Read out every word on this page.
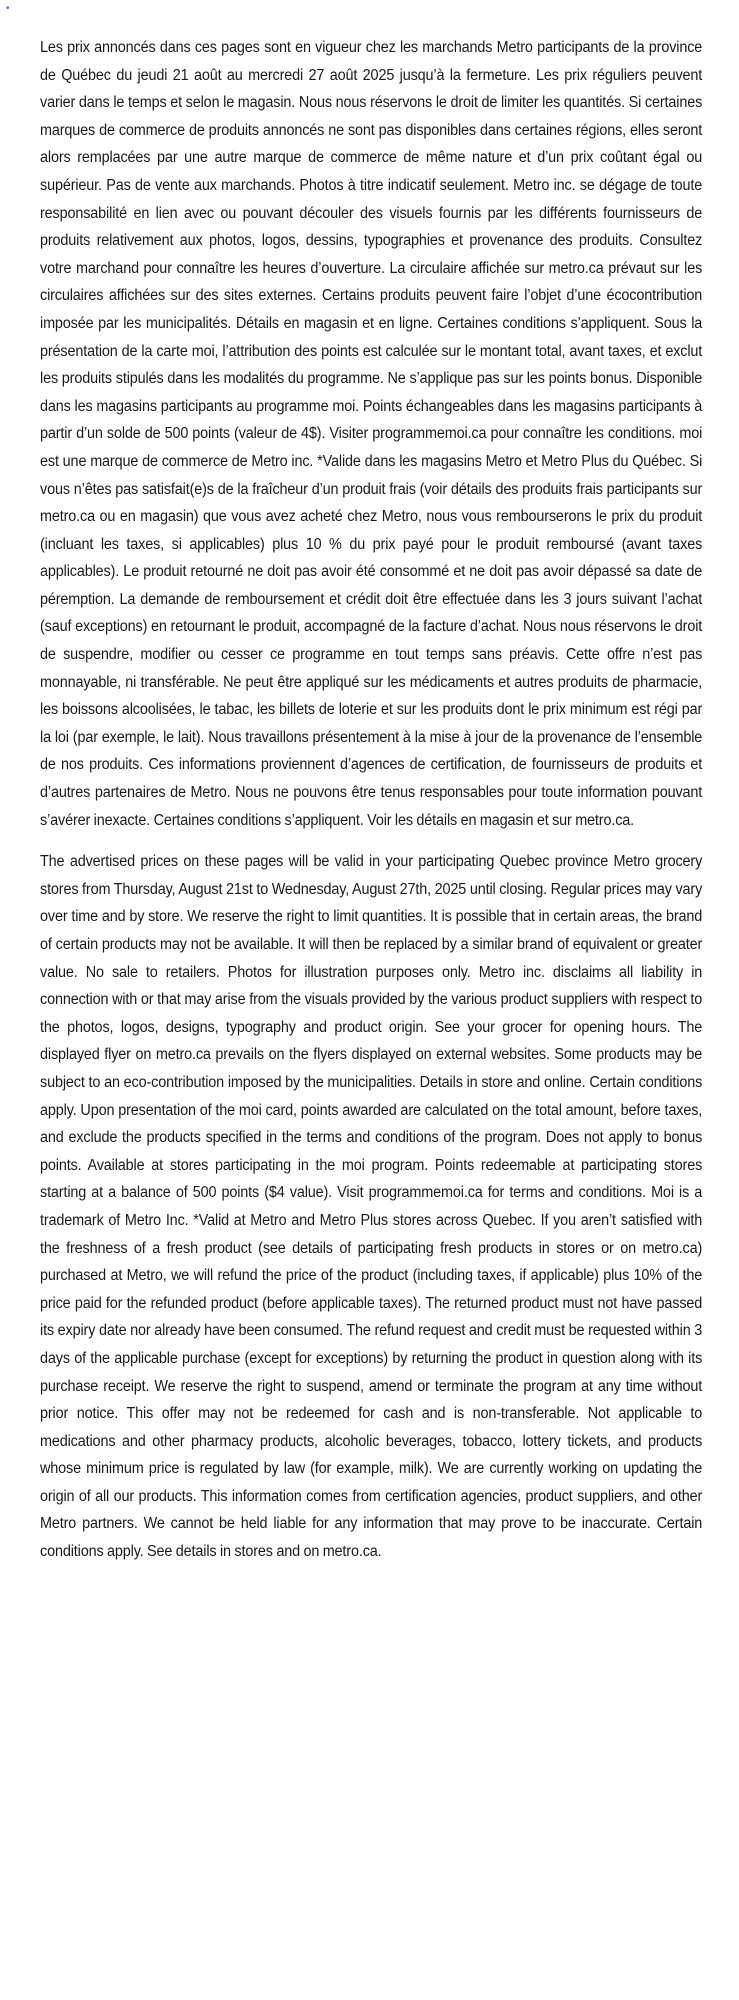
•

Les prix annoncés dans ces pages sont en vigueur chez les marchands Metro participants de la province de Québec du jeudi 21 août au mercredi 27 août 2025 jusqu’à la fermeture. Les prix réguliers peuvent varier dans le temps et selon le magasin. Nous nous réservons le droit de limiter les quantités. Si certaines marques de commerce de produits annoncés ne sont pas disponibles dans certaines régions, elles seront alors remplacées par une autre marque de commerce de même nature et d’un prix coûtant égal ou supérieur. Pas de vente aux marchands. Photos à titre indicatif seulement. Metro inc. se dégage de toute responsabilité en lien avec ou pouvant découler des visuels fournis par les différents fournisseurs de produits relativement aux photos, logos, dessins, typographies et provenance des produits. Consultez votre marchand pour connaître les heures d’ouverture. La circulaire affichée sur metro.ca prévaut sur les circulaires affichées sur des sites externes. Certains produits peuvent faire l’objet d’une écocontribution imposée par les municipalités. Détails en magasin et en ligne. Certaines conditions s’appliquent. Sous la présentation de la carte moi, l’attribution des points est calculée sur le montant total, avant taxes, et exclut les produits stipulés dans les modalités du programme. Ne s’applique pas sur les points bonus. Disponible dans les magasins participants au programme moi. Points échangeables dans les magasins participants à partir d’un solde de 500 points (valeur de 4$). Visiter programmemoi.ca pour connaître les conditions. moi est une marque de commerce de Metro inc. *Valide dans les magasins Metro et Metro Plus du Québec. Si vous n’êtes pas satisfait(e)s de la fraîcheur d’un produit frais (voir détails des produits frais participants sur metro.ca ou en magasin) que vous avez acheté chez Metro, nous vous rembourserons le prix du produit (incluant les taxes, si applicables) plus 10 % du prix payé pour le produit remboursé (avant taxes applicables). Le produit retourné ne doit pas avoir été consommé et ne doit pas avoir dépassé sa date de péremption. La demande de remboursement et crédit doit être effectuée dans les 3 jours suivant l’achat (sauf exceptions) en retournant le produit, accompagné de la facture d’achat. Nous nous réservons le droit de suspendre, modifier ou cesser ce programme en tout temps sans préavis. Cette offre n’est pas monnayable, ni transférable. Ne peut être appliqué sur les médicaments et autres produits de pharmacie, les boissons alcoolisées, le tabac, les billets de loterie et sur les produits dont le prix minimum est régi par la loi (par exemple, le lait). Nous travaillons présentement à la mise à jour de la provenance de l’ensemble de nos produits. Ces informations proviennent d’agences de certification, de fournisseurs de produits et d’autres partenaires de Metro. Nous ne pouvons être tenus responsables pour toute information pouvant s’avérer inexacte. Certaines conditions s’appliquent. Voir les détails en magasin et sur metro.ca.

The advertised prices on these pages will be valid in your participating Quebec province Metro grocery stores from Thursday, August 21st to Wednesday, August 27th, 2025 until closing. Regular prices may vary over time and by store. We reserve the right to limit quantities. It is possible that in certain areas, the brand of certain products may not be available. It will then be replaced by a similar brand of equivalent or greater value. No sale to retailers. Photos for illustration purposes only. Metro inc. disclaims all liability in connection with or that may arise from the visuals provided by the various product suppliers with respect to the photos, logos, designs, typography and product origin. See your grocer for opening hours. The displayed flyer on metro.ca prevails on the flyers displayed on external websites. Some products may be subject to an eco-contribution imposed by the municipalities. Details in store and online. Certain conditions apply. Upon presentation of the moi card, points awarded are calculated on the total amount, before taxes, and exclude the products specified in the terms and conditions of the program. Does not apply to bonus points. Available at stores participating in the moi program. Points redeemable at participating stores starting at a balance of 500 points ($4 value). Visit programmemoi.ca for terms and conditions. Moi is a trademark of Metro Inc. *Valid at Metro and Metro Plus stores across Quebec. If you aren’t satisfied with the freshness of a fresh product (see details of participating fresh products in stores or on metro.ca) purchased at Metro, we will refund the price of the product (including taxes, if applicable) plus 10% of the price paid for the refunded product (before applicable taxes). The returned product must not have passed its expiry date nor already have been consumed. The refund request and credit must be requested within 3 days of the applicable purchase (except for exceptions) by returning the product in question along with its purchase receipt. We reserve the right to suspend, amend or terminate the program at any time without prior notice. This offer may not be redeemed for cash and is non-transferable. Not applicable to medications and other pharmacy products, alcoholic beverages, tobacco, lottery tickets, and products whose minimum price is regulated by law (for example, milk). We are currently working on updating the origin of all our products. This information comes from certification agencies, product suppliers, and other Metro partners. We cannot be held liable for any information that may prove to be inaccurate. Certain conditions apply. See details in stores and on metro.ca.
